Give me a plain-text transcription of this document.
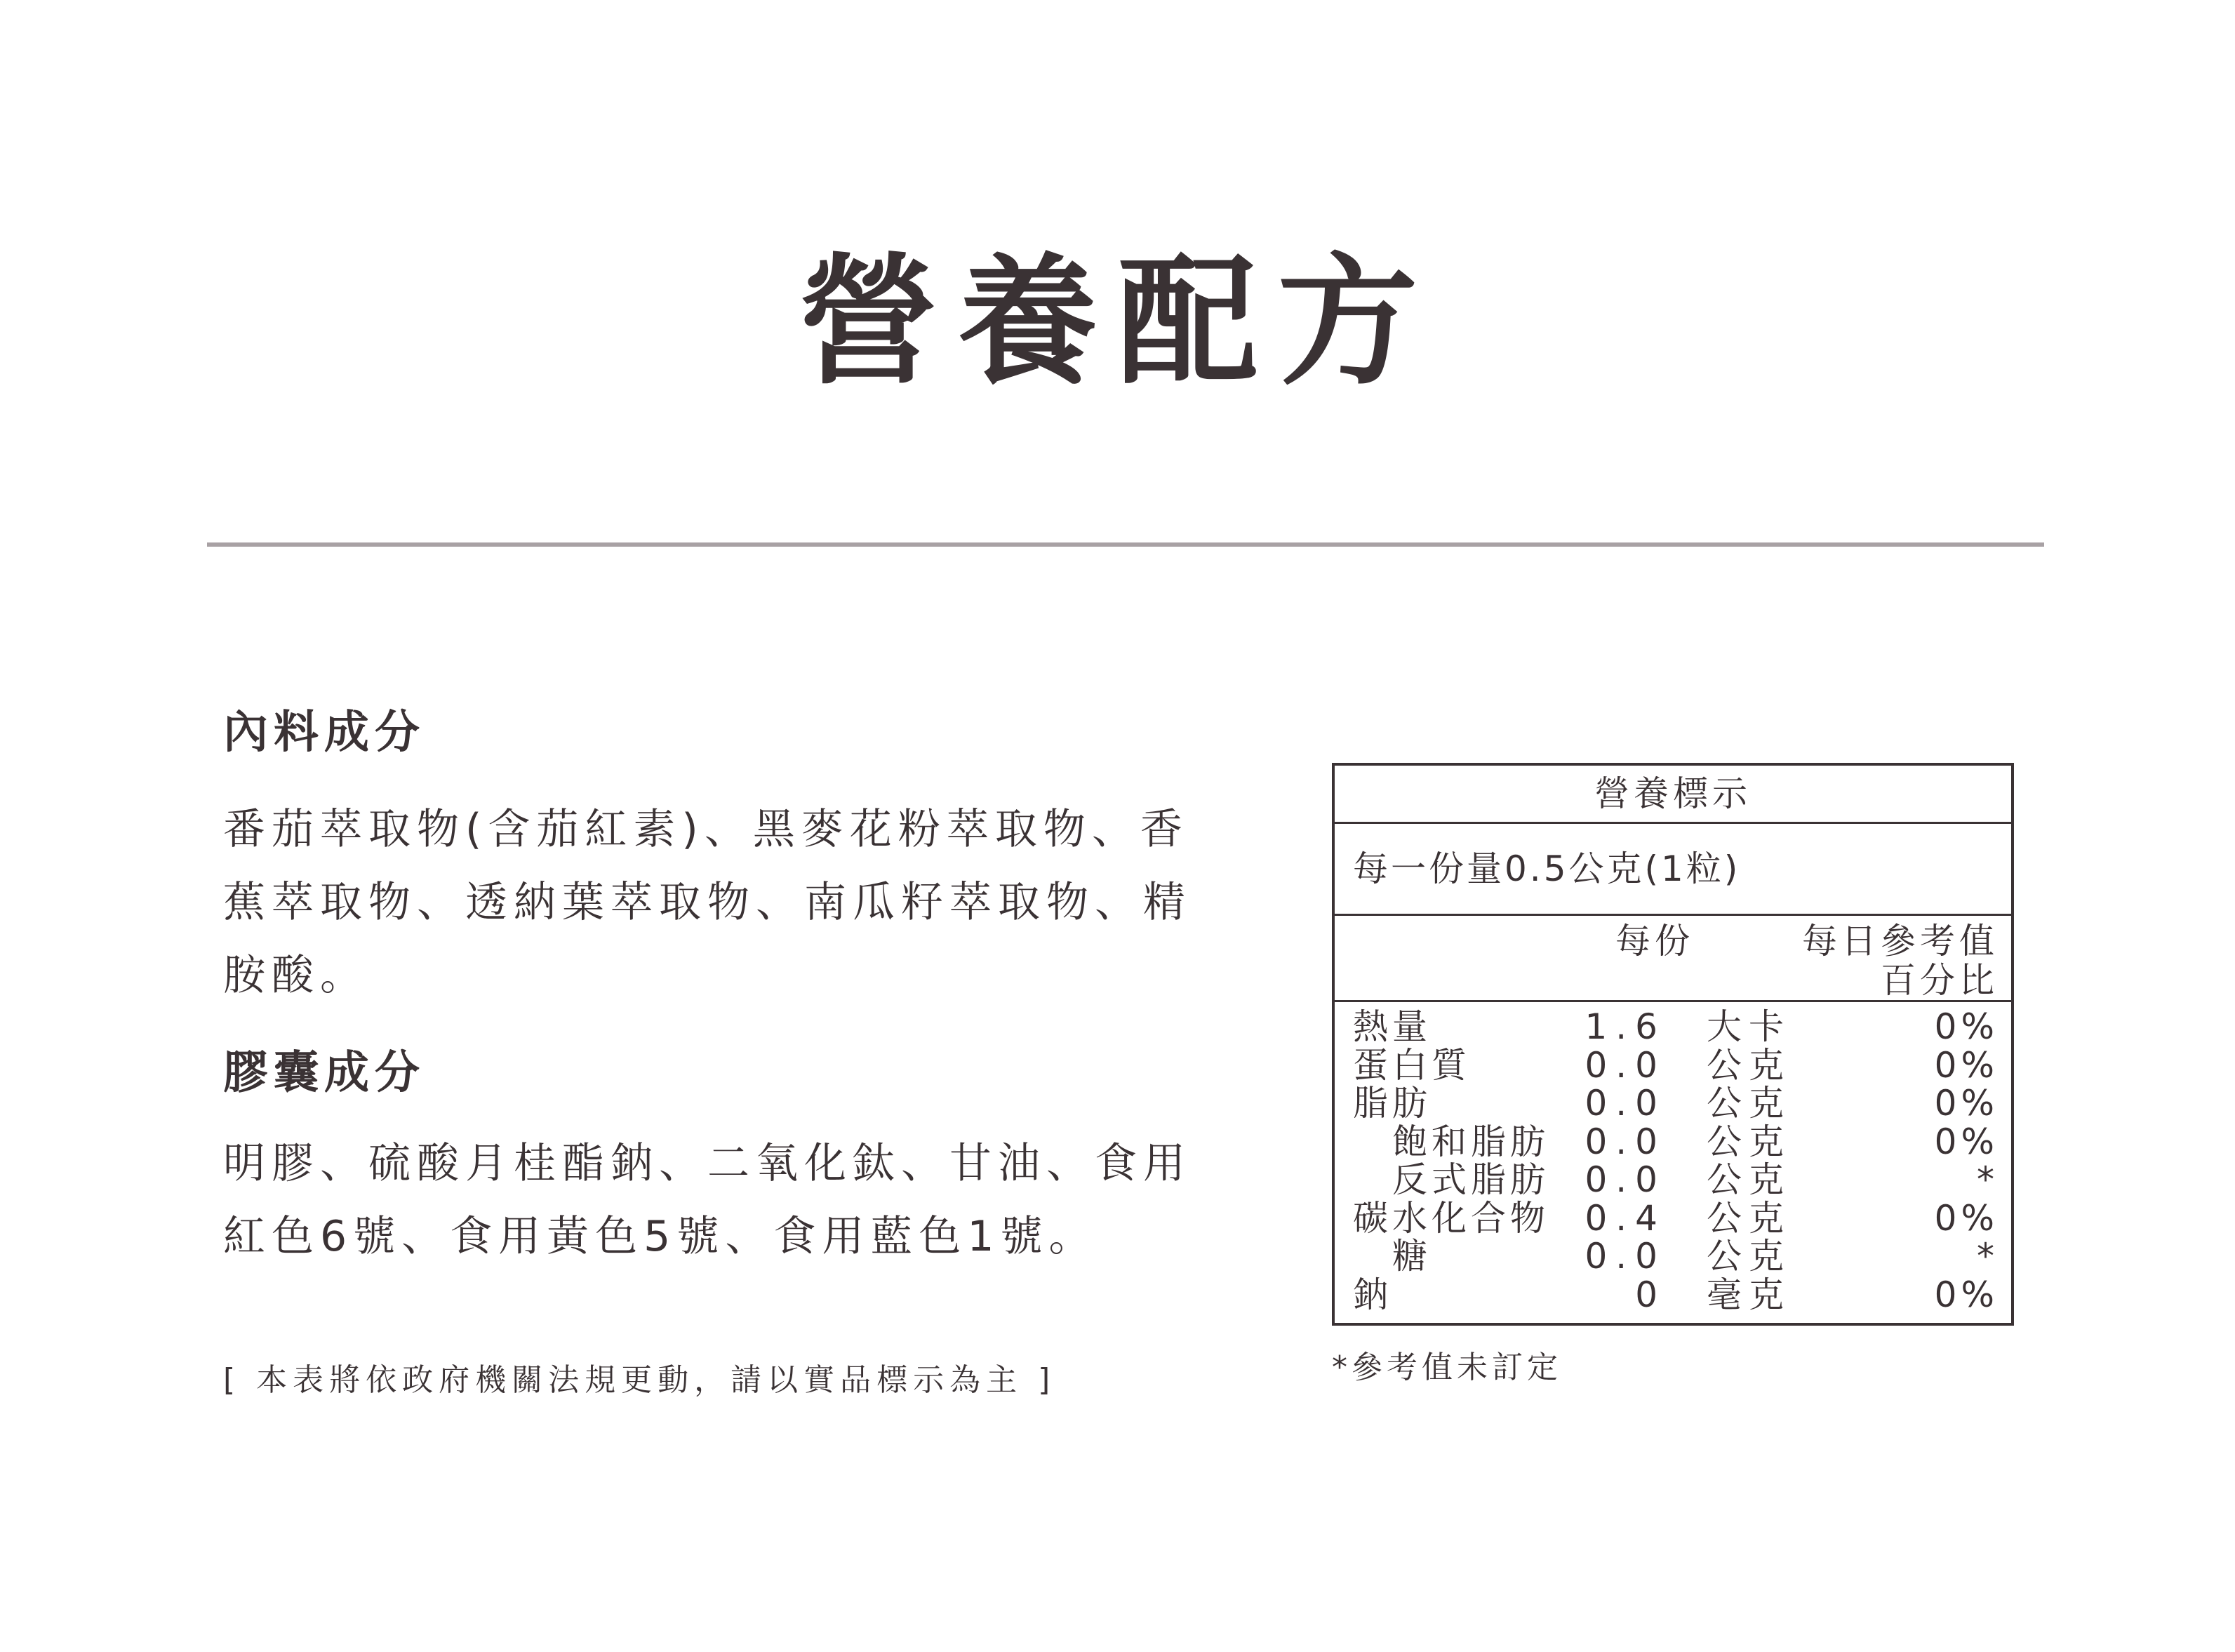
營養配方
內料成分
番茄萃取物(含茄紅素)、黑麥花粉萃取物、香蕉萃取物、透納葉萃取物、南瓜籽萃取物、精胺酸。
膠囊成分
明膠、硫酸月桂酯鈉、二氧化鈦、甘油、食用紅色6號、食用黃色5號、食用藍色1號。
[ 本表將依政府機關法規更動，請以實品標示為主 ]
營養標示
每一份量0.5公克(1粒)
每份	每日參考值
百分比
熱量	1.6 大卡	0%
蛋白質	0.0 公克	0%
脂肪	0.0 公克	0%
飽和脂肪 0.0 公克	0%
反式脂肪 0.0 公克	*
碳水化合物 0.4 公克	0%
糖	0.0 公克	*
鈉	0 毫克	0%
*參考值未訂定
